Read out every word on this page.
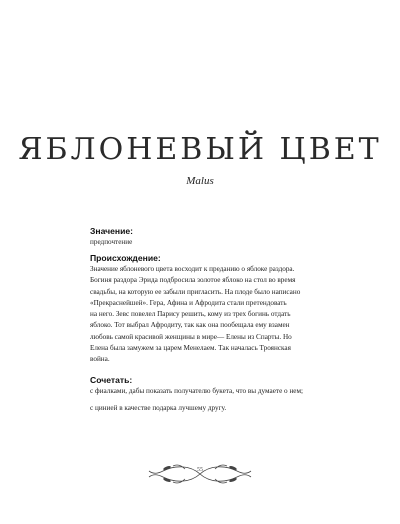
ЯБЛОНЕВЫЙ ЦВЕТ
Malus
Значение:
предпочтение
Происхождение:
Значение яблоневого цвета восходит к преданию о яблоке раздора.
Богиня раздора Эрида подбросила золотое яблоко на стол во время
свадьбы, на которую ее забыли пригласить. На плоде было написано
«Прекраснейшей». Гера, Афина и Афродита стали претендовать
на него. Зевс повелел Парису решить, кому из трех богинь отдать
яблоко. Тот выбрал Афродиту, так как она пообещала ему взамен
любовь самой красивой женщины в мире— Елены из Спарты. Но
Елена была замужем за царем Менелаем. Так началась Троянская
война.
Сочетать:
с фиалками, дабы показать получателю букета, что вы думаете о нем;
с цинией в качестве подарка лучшему другу.
55
